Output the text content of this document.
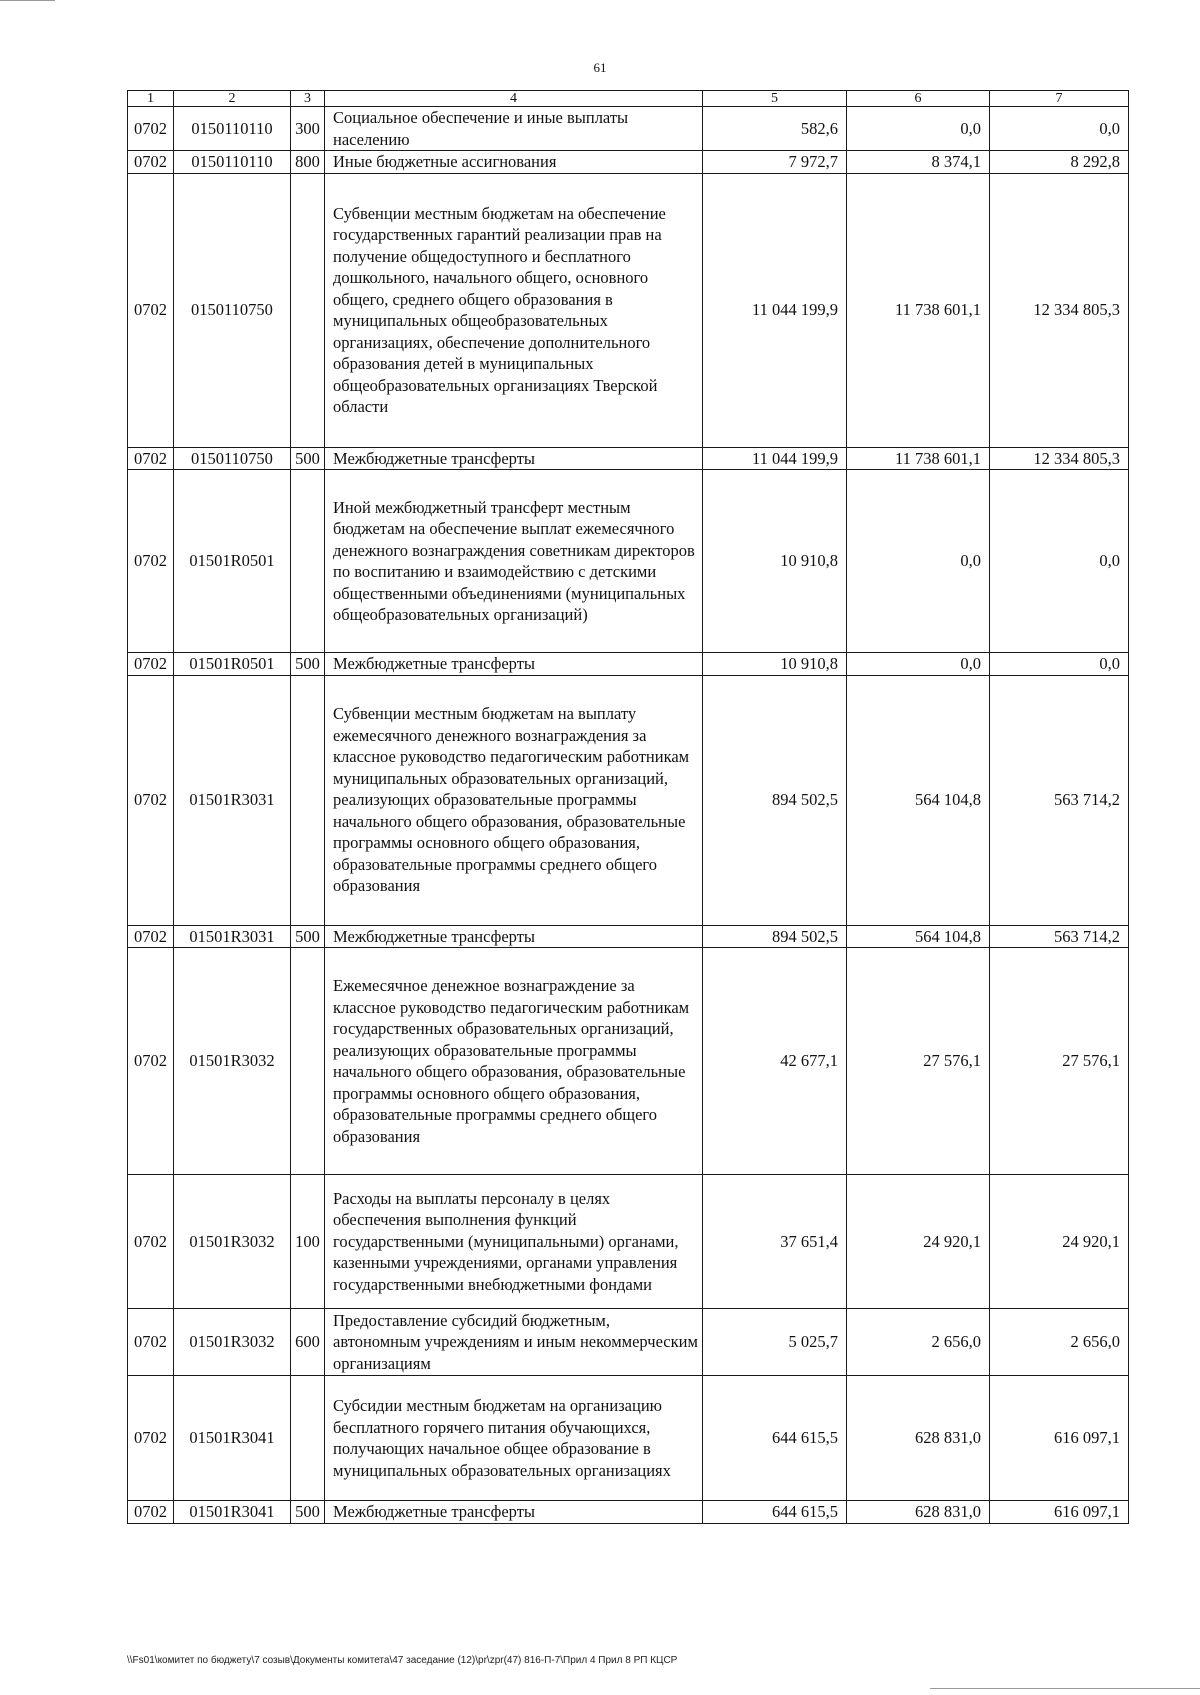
61
1	2	3	4	5	6	7
0702	0150110110	300	Социальное обеспечение и иные выплаты населению	582,6	0,0	0,0
0702	0150110110	800	Иные бюджетные ассигнования	7 972,7	8 374,1	8 292,8
0702	0150110750		Субвенции местным бюджетам на обеспечение государственных гарантий реализации прав на получение общедоступного и бесплатного дошкольного, начального общего, основного общего, среднего общего образования в муниципальных общеобразовательных организациях, обеспечение дополнительного образования детей в муниципальных общеобразовательных организациях Тверской области	11 044 199,9	11 738 601,1	12 334 805,3
0702	0150110750	500	Межбюджетные трансферты	11 044 199,9	11 738 601,1	12 334 805,3
0702	01501R0501		Иной межбюджетный трансферт местным бюджетам на обеспечение выплат ежемесячного денежного вознаграждения советникам директоров по воспитанию и взаимодействию с детскими общественными объединениями (муниципальных общеобразовательных организаций)	10 910,8	0,0	0,0
0702	01501R0501	500	Межбюджетные трансферты	10 910,8	0,0	0,0
0702	01501R3031		Субвенции местным бюджетам на выплату ежемесячного денежного вознаграждения за классное руководство педагогическим работникам муниципальных образовательных организаций, реализующих образовательные программы начального общего образования, образовательные программы основного общего образования, образовательные программы среднего общего образования	894 502,5	564 104,8	563 714,2
0702	01501R3031	500	Межбюджетные трансферты	894 502,5	564 104,8	563 714,2
0702	01501R3032		Ежемесячное денежное вознаграждение за классное руководство педагогическим работникам государственных образовательных организаций, реализующих образовательные программы начального общего образования, образовательные программы основного общего образования, образовательные программы среднего общего образования	42 677,1	27 576,1	27 576,1
0702	01501R3032	100	Расходы на выплаты персоналу в целях обеспечения выполнения функций государственными (муниципальными) органами, казенными учреждениями, органами управления государственными внебюджетными фондами	37 651,4	24 920,1	24 920,1
0702	01501R3032	600	Предоставление субсидий бюджетным, автономным учреждениям и иным некоммерческим организациям	5 025,7	2 656,0	2 656,0
0702	01501R3041		Субсидии местным бюджетам на организацию бесплатного горячего питания обучающихся, получающих начальное общее образование в муниципальных образовательных организациях	644 615,5	628 831,0	616 097,1
0702	01501R3041	500	Межбюджетные трансферты	644 615,5	628 831,0	616 097,1
\\Fs01\комитет по бюджету\7 созыв\Документы комитета\47 заседание (12)\pr\zpr(47) 816-П-7\Прил 4 Прил 8 РП КЦСР
